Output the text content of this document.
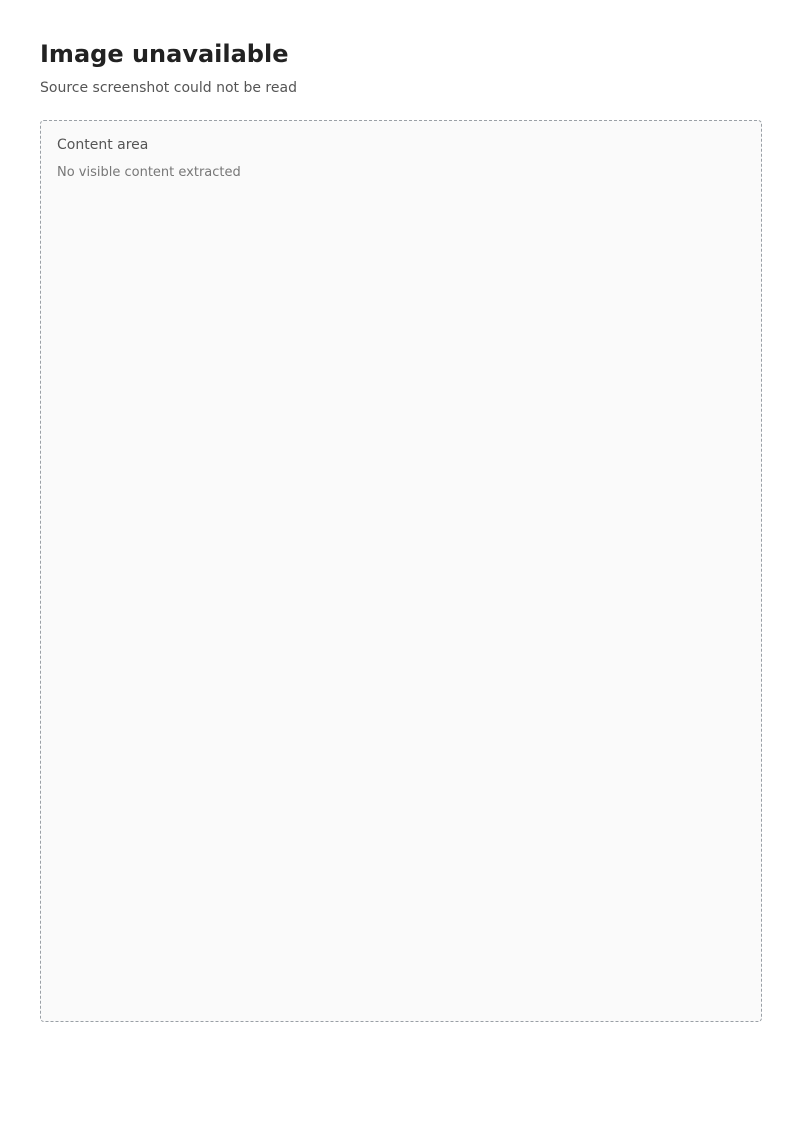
Image unavailable
Source screenshot could not be read
Content area
No visible content extracted
